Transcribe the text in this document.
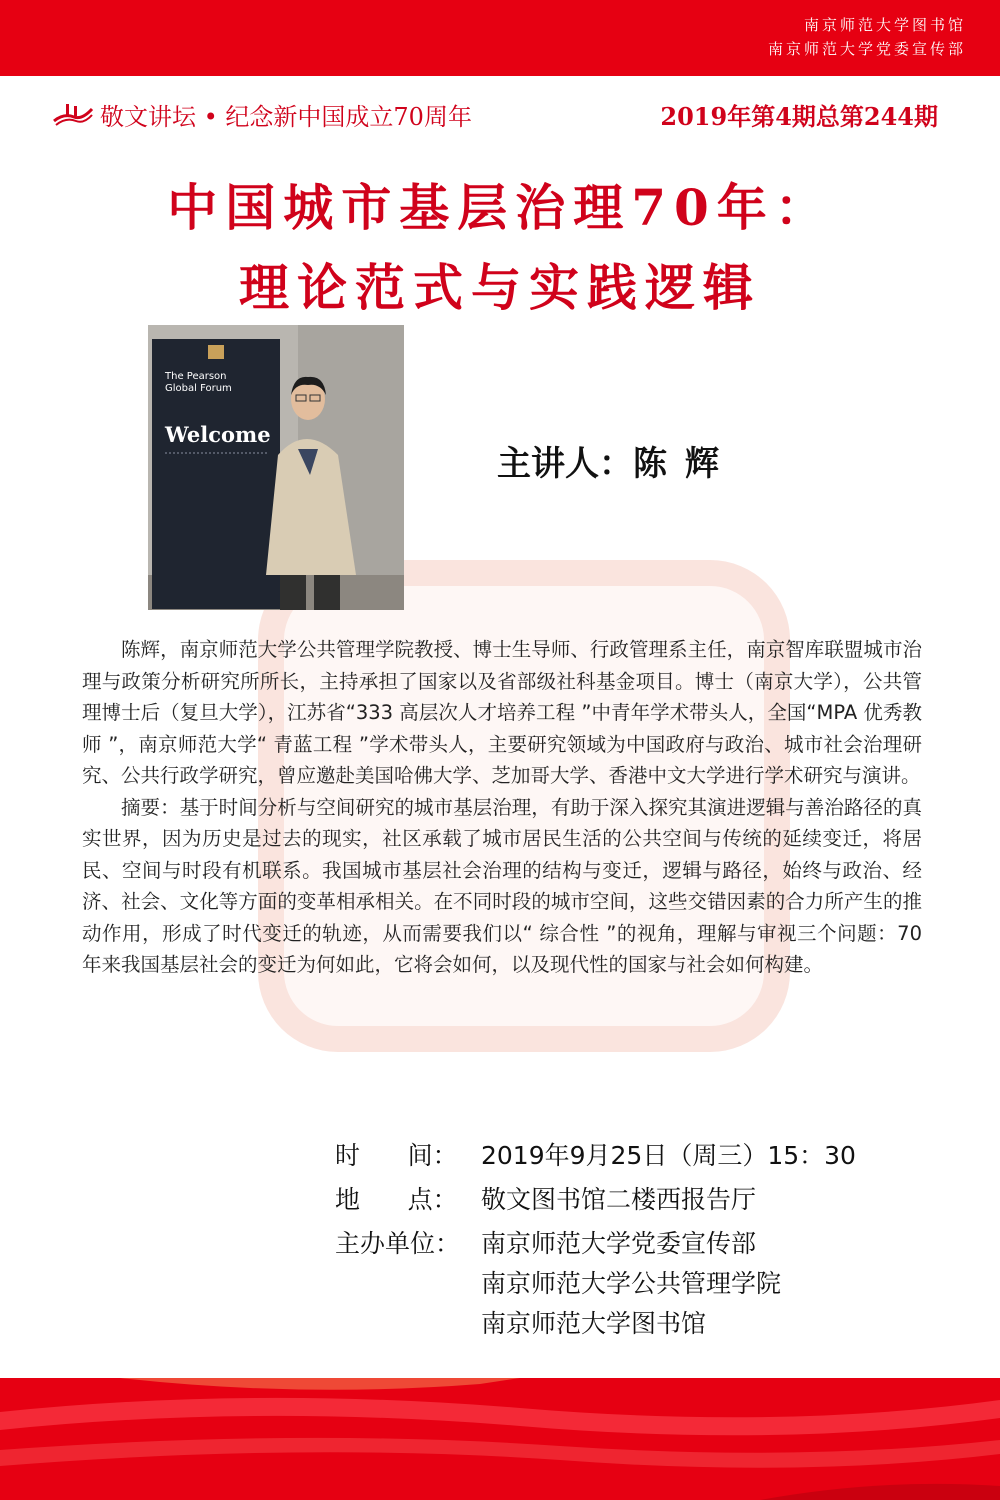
南京师范大学图书馆
南京师范大学党委宣传部
敬文讲坛 • 纪念新中国成立70周年	2019年第4期总第244期
中国城市基层治理70年：
理论范式与实践逻辑
The Pearson
Global Forum
Welcome
主讲人：陈辉

陈辉，南京师范大学公共管理学院教授、博士生导师、行政管理系主任，南京智库联盟城市治理与政策分析研究所所长，主持承担了国家以及省部级社科基金项目。博士（南京大学），公共管理博士后（复旦大学），江苏省“333 高层次人才培养工程 ”中青年学术带头人，全国“MPA 优秀教师 ”，南京师范大学“ 青蓝工程 ”学术带头人，主要研究领域为中国政府与政治、城市社会治理研究、公共行政学研究，曾应邀赴美国哈佛大学、芝加哥大学、香港中文大学进行学术研究与演讲。

摘要：基于时间分析与空间研究的城市基层治理，有助于深入探究其演进逻辑与善治路径的真实世界，因为历史是过去的现实，社区承载了城市居民生活的公共空间与传统的延续变迁，将居民、空间与时段有机联系。我国城市基层社会治理的结构与变迁，逻辑与路径，始终与政治、经济、社会、文化等方面的变革相承相关。在不同时段的城市空间，这些交错因素的合力所产生的推动作用，形成了时代变迁的轨迹，从而需要我们以“ 综合性 ”的视角，理解与审视三个问题：70 年来我国基层社会的变迁为何如此，它将会如何，以及现代性的国家与社会如何构建。

时      间： 2019年9月25日（周三）15：30
地      点： 敬文图书馆二楼西报告厅
主办单位： 南京师范大学党委宣传部
南京师范大学公共管理学院
南京师范大学图书馆
